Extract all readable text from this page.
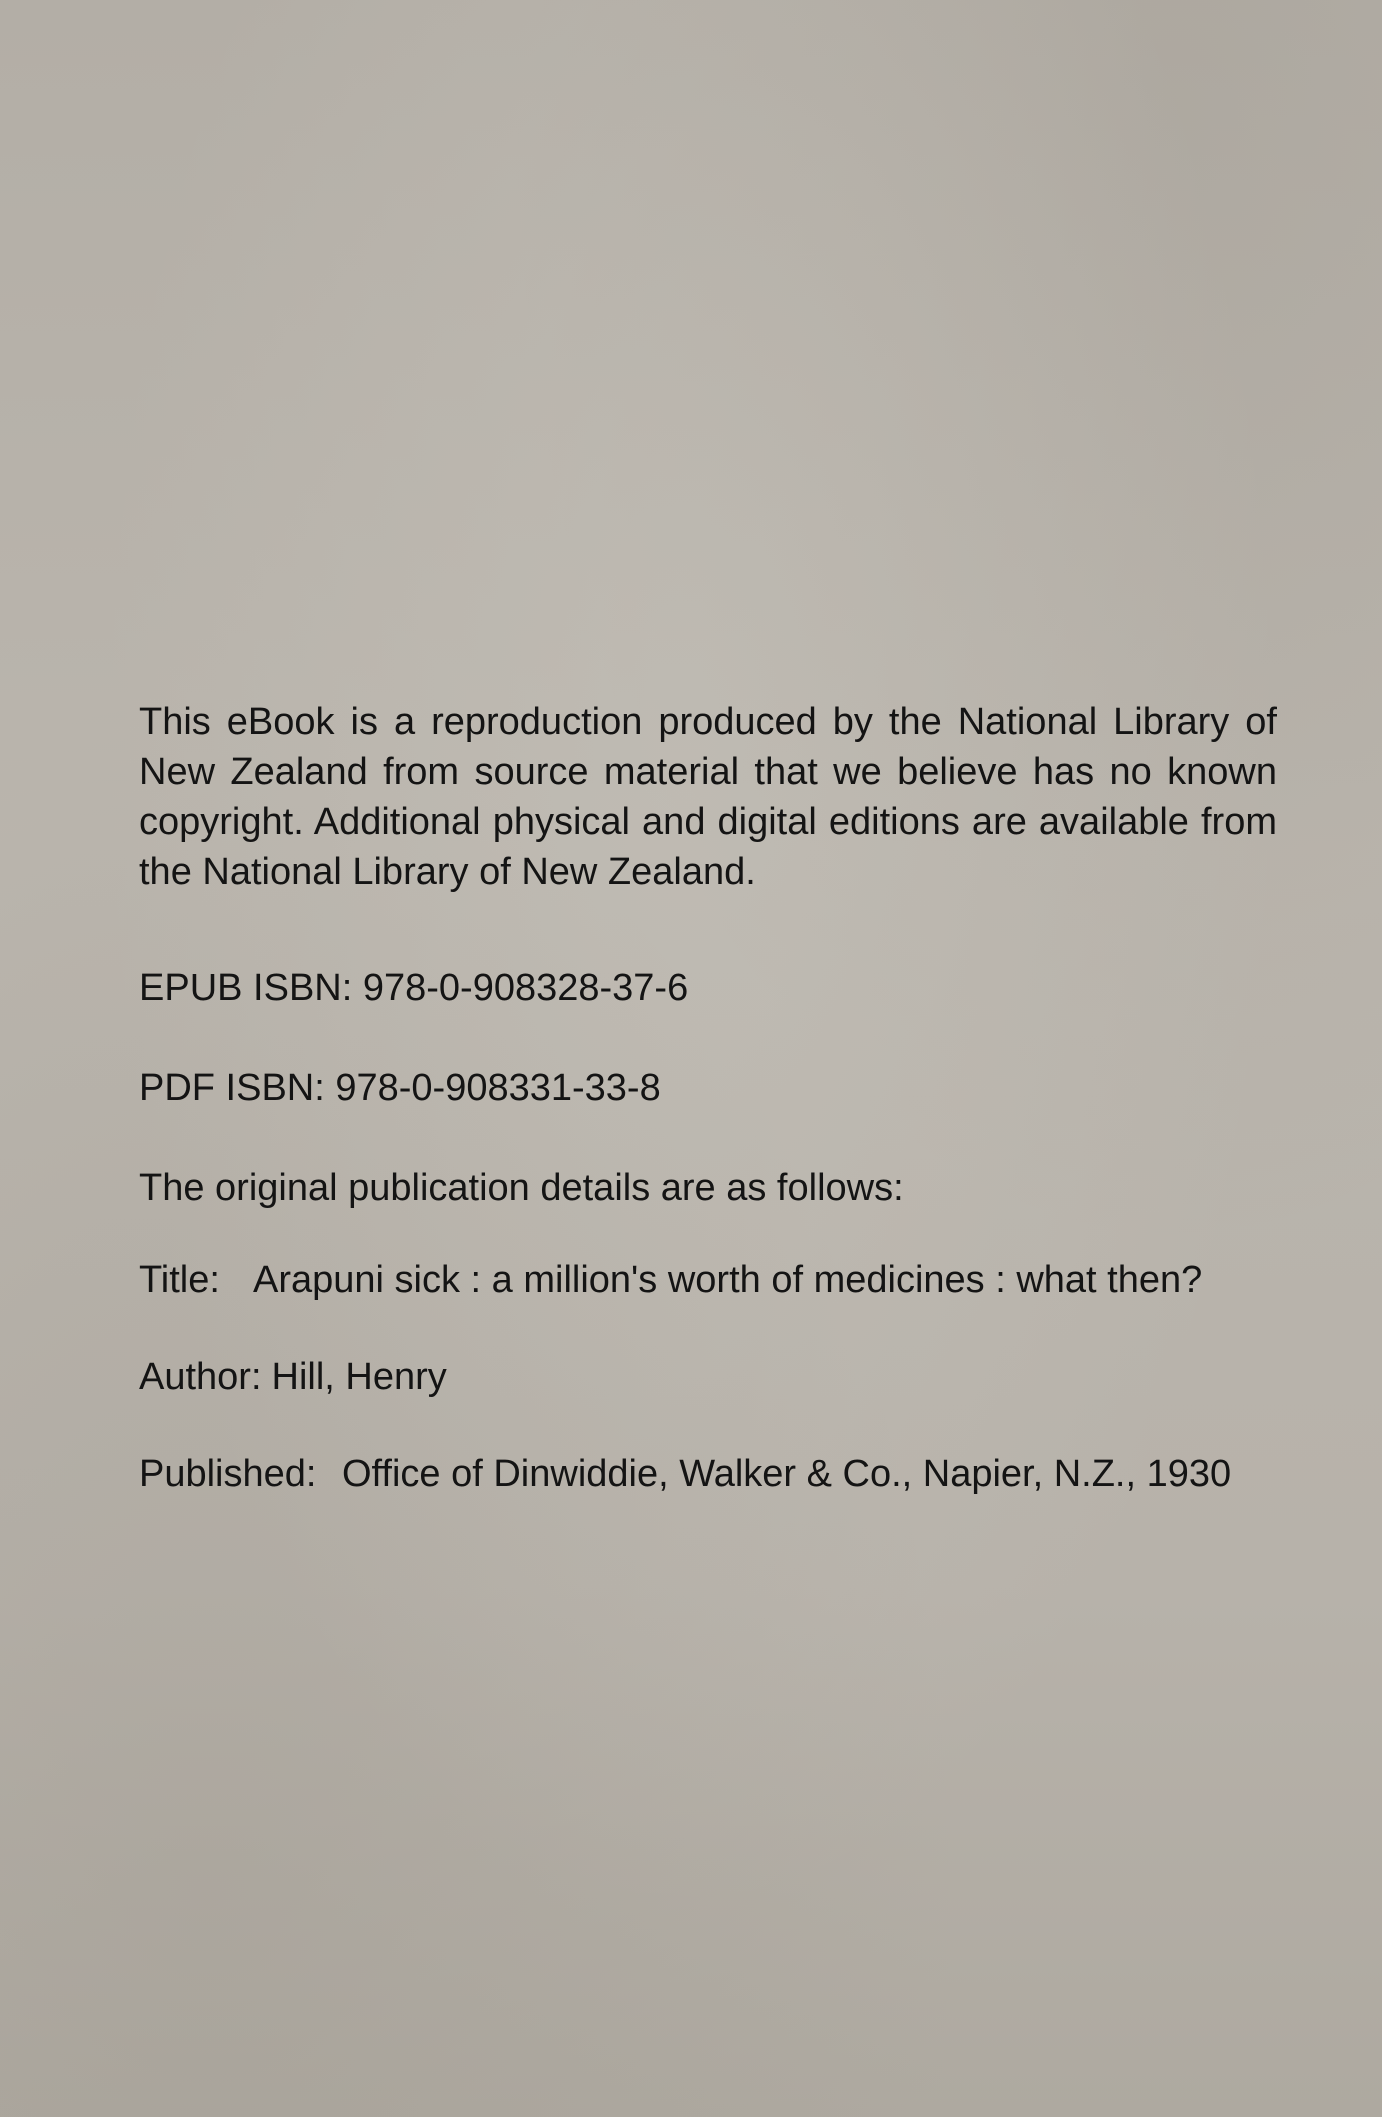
This eBook is a reproduction produced by the National Library of New Zealand from source material that we believe has no known copyright. Additional physical and digital editions are available from the National Library of New Zealand.

EPUB ISBN: 978-0-908328-37-6

PDF ISBN: 978-0-908331-33-8

The original publication details are as follows:

Title: Arapuni sick : a million's worth of medicines : what then?
Author: Hill, Henry
Published: Office of Dinwiddie, Walker & Co., Napier, N.Z., 1930
